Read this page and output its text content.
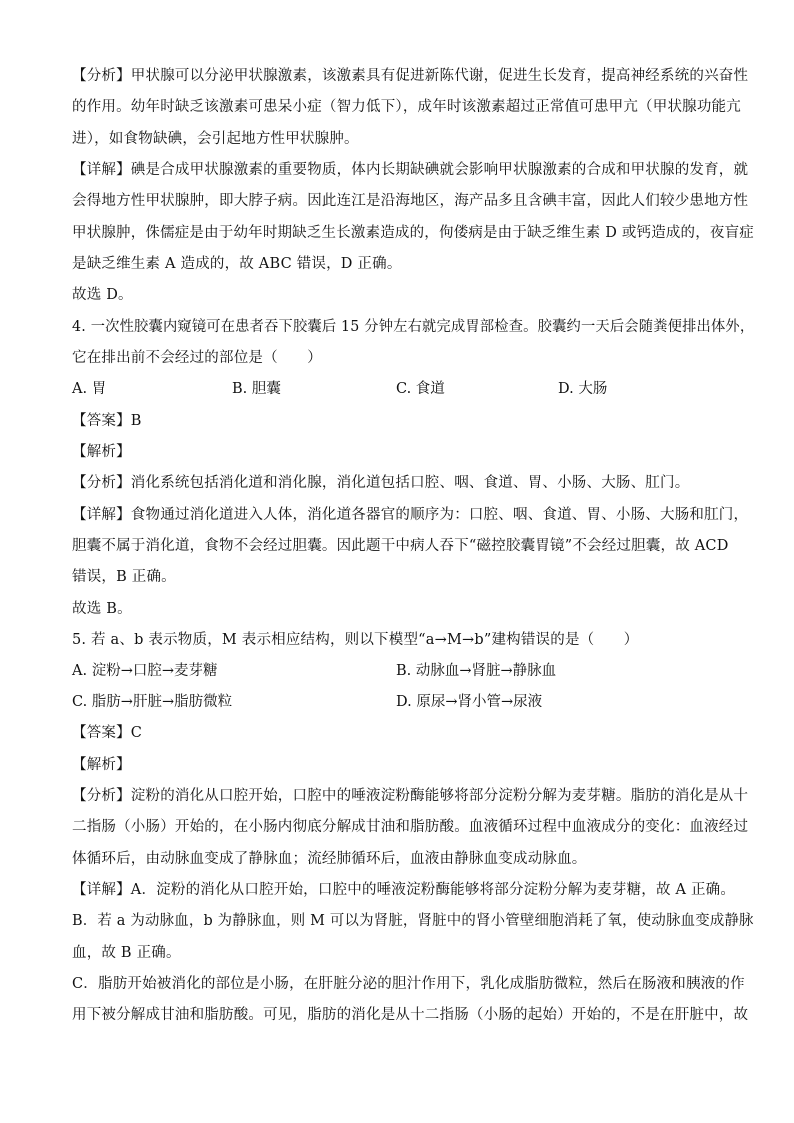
【分析】甲状腺可以分泌甲状腺激素，该激素具有促进新陈代谢，促进生长发育，提高神经系统的兴奋性
的作用。幼年时缺乏该激素可患呆小症（智力低下），成年时该激素超过正常值可患甲亢（甲状腺功能亢
进），如食物缺碘，会引起地方性甲状腺肿。
【详解】碘是合成甲状腺激素的重要物质，体内长期缺碘就会影响甲状腺激素的合成和甲状腺的发育，就
会得地方性甲状腺肿，即大脖子病。因此连江是沿海地区，海产品多且含碘丰富，因此人们较少患地方性
甲状腺肿，侏儒症是由于幼年时期缺乏生长激素造成的，佝偻病是由于缺乏维生素 D 或钙造成的，夜盲症
是缺乏维生素 A 造成的，故 ABC 错误，D 正确。
故选 D。
4. 一次性胶囊内窥镜可在患者吞下胶囊后 15 分钟左右就完成胃部检查。胶囊约一天后会随粪便排出体外，
它在排出前不会经过的部位是（　　）
A. 胃	B. 胆囊	C. 食道	D. 大肠
【答案】B
【解析】
【分析】消化系统包括消化道和消化腺，消化道包括口腔、咽、食道、胃、小肠、大肠、肛门。
【详解】食物通过消化道进入人体，消化道各器官的顺序为：口腔、咽、食道、胃、小肠、大肠和肛门，
胆囊不属于消化道，食物不会经过胆囊。因此题干中病人吞下“磁控胶囊胃镜”不会经过胆囊，故 ACD
错误，B 正确。
故选 B。
5. 若 a、b 表示物质，M 表示相应结构，则以下模型“a→M→b”建构错误的是（　　）
A. 淀粉→口腔→麦芽糖	B. 动脉血→肾脏→静脉血
C. 脂肪→肝脏→脂肪微粒	D. 原尿→肾小管→尿液
【答案】C
【解析】
【分析】淀粉的消化从口腔开始，口腔中的唾液淀粉酶能够将部分淀粉分解为麦芽糖。脂肪的消化是从十
二指肠（小肠）开始的，在小肠内彻底分解成甘油和脂肪酸。血液循环过程中血液成分的变化：血液经过
体循环后，由动脉血变成了静脉血；流经肺循环后，血液由静脉血变成动脉血。
【详解】A．淀粉的消化从口腔开始，口腔中的唾液淀粉酶能够将部分淀粉分解为麦芽糖，故 A 正确。
B．若 a 为动脉血，b 为静脉血，则 M 可以为肾脏，肾脏中的肾小管壁细胞消耗了氧，使动脉血变成静脉
血，故 B 正确。
C．脂肪开始被消化的部位是小肠，在肝脏分泌的胆汁作用下，乳化成脂肪微粒，然后在肠液和胰液的作
用下被分解成甘油和脂肪酸。可见，脂肪的消化是从十二指肠（小肠的起始）开始的，不是在肝脏中，故
